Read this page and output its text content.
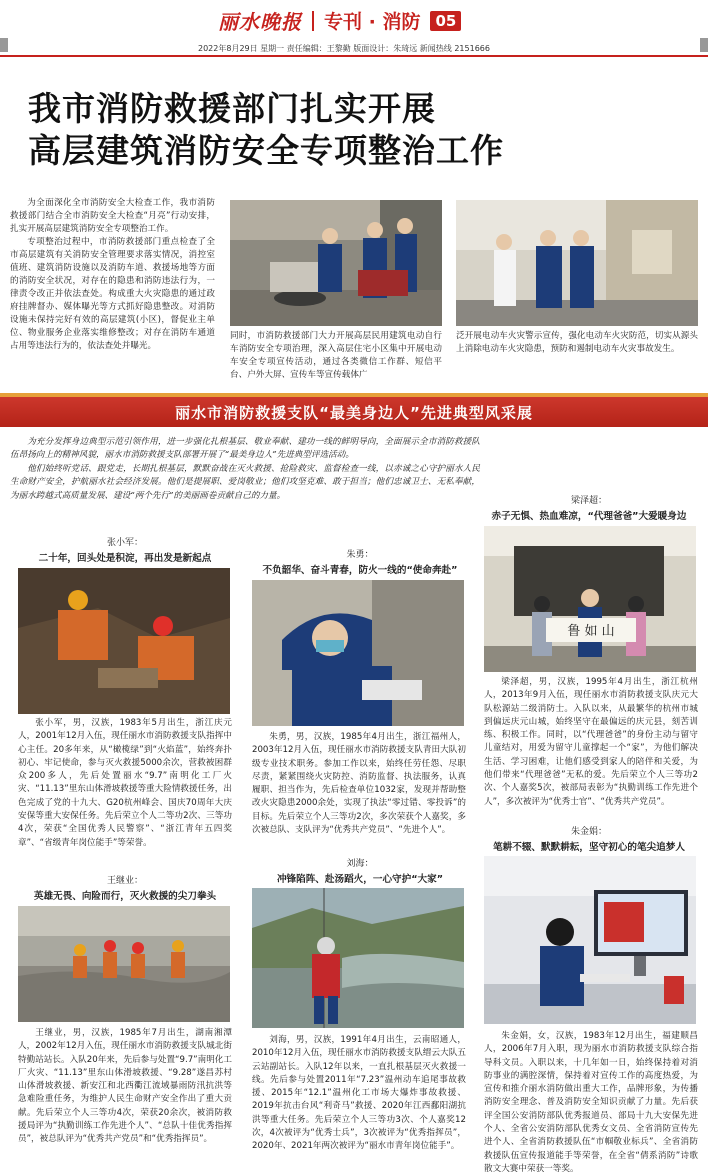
丽水晚报 专刊 · 消防	05
2022年8月29日 星期一 责任编辑：王黎勤 版面设计：朱琦远 新闻热线 2151666
我市消防救援部门扎实开展
高层建筑消防安全专项整治工作

为全面深化全市消防安全大检查工作，我市消防救援部门结合全市消防安全大检查“月亮”行动安排，扎实开展高层建筑消防安全专项整治工作。

专项整治过程中，市消防救援部门重点检查了全市高层建筑有关消防安全管理要求落实情况，消控室值班、建筑消防设施以及消防车道、救援场地等方面的消防安全状况，对存在的隐患和消防违法行为，一律责令改正并依法查处。构成重大火灾隐患的通过政府挂牌督办、媒体曝光等方式抓好隐患整改。对消防设施未保持完好有效的高层建筑(小区)，督促业主单位、物业服务企业落实维修整改；对存在消防车通道占用等违法行为的，依法查处并曝光。

同时，市消防救援部门大力开展高层民用建筑电动自行车消防安全专项治理，深入高层住宅小区集中开展电动车安全专项宣传活动，通过各类微信工作群、短信平台、户外大屏、宣传车等宣传载体广
泛开展电动车火灾警示宣传，强化电动车火灾防范，切实从源头上消除电动车火灾隐患，预防和遏制电动车火灾事故发生。
丽水市消防救援支队“最美身边人”先进典型风采展

为充分发挥身边典型示范引领作用，进一步强化扎根基层、敬业奉献、建功一线的鲜明导向，全面展示全市消防救援队伍昂扬向上的精神风貌，丽水市消防救援支队部署开展了“最美身边人”先进典型评选活动。

他们始终听党话、跟党走，长期扎根基层，默默奋战在灭火救援、抢险救灾、监督检查一线，以赤诚之心守护丽水人民生命财产安全，护航丽水社会经济发展。他们是提展职、爱岗敬业；他们攻坚克难、敢于担当；他们忠诚卫士、无私奉献，为丽水跨越式高质量发展、建设“两个先行”的美丽画卷贡献自己的力量。

张小军：
二十年，回头处是积淀，再出发是新起点
张小军，男，汉族，1983年5月出生，浙江庆元人，2001年12月入伍，现任丽水市消防救援支队指挥中心主任。20多年来，从“橄榄绿”到“火焰蓝”，始终奔扑初心、牢记使命，参与灭火救援5000余次，营救被困群众200多人，先后处置丽水“9.7”南明化工厂火灾、“11.13”里东山体滑坡救援等重大险情救援任务，出色完成了党的十九大、G20杭州峰会、国庆70周年大庆安保等重大安保任务。先后荣立个人二等功2次、三等功4次，荣获“全国优秀人民警察”、“浙江青年五四奖章”、“省级青年岗位能手”等荣誉。
王继业：
英雄无畏、向险而行，灭火救援的尖刀拳头
王继业，男，汉族，1985年7月出生，湖南湘潭人，2002年12月入伍，现任丽水市消防救援支队城北街特勤站站长。入队20年来，先后参与处置“9.7”南明化工厂火灾、“11.13”里东山体滑坡救援、“9.28”遂昌苏村山体滑坡救援、新安江和北西衢江流域暴雨防汛抗洪等急难险重任务，为维护人民生命财产安全作出了重大贡献。先后荣立个人三等功4次，荣获20余次，被消防救援局评为“执勤训练工作先进个人”、“总队十佳优秀指挥员”，被总队评为“优秀共产党员”和“优秀指挥员”。
朱勇：
不负韶华、奋斗青春，防火一线的“使命奔赴”
朱勇，男，汉族，1985年4月出生，浙江福州人，2003年12月入伍，现任丽水市消防救援支队青田大队初级专业技术职务。参加工作以来，始终任劳任怨、尽职尽责，紧紧围绕火灾防控、消防监督、执法服务，认真履职、担当作为，先后检查单位1032家，发现并帮助整改火灾隐患2000余处，实现了执法“零过错、零投诉”的目标。先后荣立个人三等功2次，多次荣获个人嘉奖，多次被总队、支队评为“优秀共产党员”、“先进个人”。
刘海：
冲锋陷阵、赴汤蹈火，一心守护“大家”
刘海，男，汉族，1991年4月出生，云南昭通人，2010年12月入伍，现任丽水市消防救援支队缙云大队五云站副站长。入队12年以来，一直扎根基层灭火救援一线。先后参与处置2011年“7.23”温州动车追尾事故救援、2015年“12.1”温州化工市场大爆炸事故救援、2019年抗击台风“利奇马”救援、2020年江西鄱阳湖抗洪等重大任务。先后荣立个人三等功3次、个人嘉奖12次，4次被评为“优秀士兵”，3次被评为“优秀指挥员”，2020年、2021年两次被评为“丽水市青年岗位能手”。
梁泽超：
赤子无惧、热血难凉，“代理爸爸”大爱暖身边
鲁 如 山
梁泽超，男，汉族，1995年4月出生，浙江杭州人，2013年9月入伍，现任丽水市消防救援支队庆元大队松源站二级消防士。入队以来，从最繁华的杭州市城到偏远庆元山城，始终坚守在最偏远的庆元县，刻苦训练、积极工作。同时，以“代理爸爸”的身份主动与留守儿童结对，用爱为留守儿童撑起一个“家”，为他们解决生活、学习困难，让他们感受到家人的陪伴和关爱，为他们带来“代理爸爸”无私的爱。先后荣立个人三等功2次、个人嘉奖5次，被部局表彰为“执勤训练工作先进个人”，多次被评为“优秀士官”、“优秀共产党员”。
朱金娟：
笔耕不辍、默默耕耘，坚守初心的笔尖追梦人
朱金娟，女，汉族，1983年12月出生，福建顺昌人，2006年7月入职，现为丽水市消防救援支队综合指导科文员。入职以来，十几年如一日，始终保持着对消防事业的满腔深情，保持着对宣传工作的高度热爱，为宣传和推介丽水消防做出重大工作，品牌形象，为传播消防安全理念、普及消防安全知识贡献了力量。先后获评全国公安消防部队优秀报道员、部局十九大安保先进个人、全省公安消防部队优秀女文员、全省消防宣传先进个人、全省消防救援队伍“市帼敬业标兵”、全省消防救援队伍宣传报道能手等荣誉，在全省“倩系消防”诗歌散文大赛中荣获一等奖。
